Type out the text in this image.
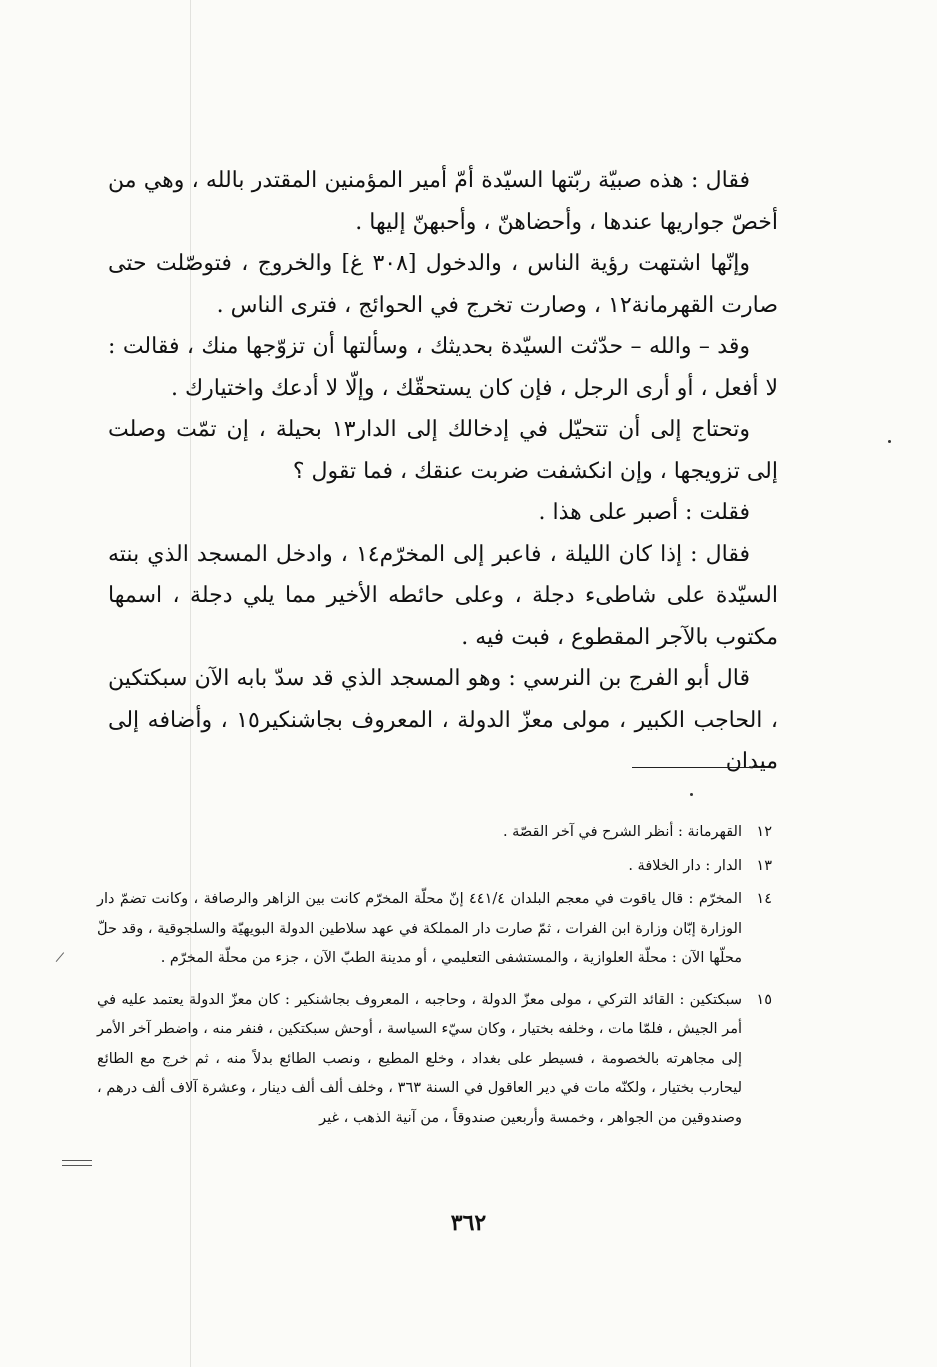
فقال : هذه صبيّة ربّتها السيّدة أمّ أمير المؤمنين المقتدر بالله ، وهي من أخصّ جواريها عندها ، وأحضاهنّ ، وأحبهنّ إليها .

وإنّها اشتهت رؤية الناس ، والدخول [٣٠٨ غ] والخروج ، فتوصّلت حتى صارت القهرمانة١٢ ، وصارت تخرج في الحوائج ، فترى الناس .

وقد – والله – حدّثت السيّدة بحديثك ، وسألتها أن تزوّجها منك ، فقالت : لا أفعل ، أو أرى الرجل ، فإن كان يستحقّك ، وإلّا لا أدعك واختيارك .

وتحتاج إلى أن تتحيّل في إدخالك إلى الدار١٣ بحيلة ، إن تمّت وصلت إلى تزويجها ، وإن انكشفت ضربت عنقك ، فما تقول ؟

فقلت : أصبر على هذا .

فقال : إذا كان الليلة ، فاعبر إلى المخرّم١٤ ، وادخل المسجد الذي بنته السيّدة على شاطىء دجلة ، وعلى حائطه الأخير مما يلي دجلة ، اسمها مكتوب بالآجر المقطوع ، فبت فيه .

قال أبو الفرج بن النرسي : وهو المسجد الذي قد سدّ بابه الآن سبكتكين ، الحاجب الكبير ، مولى معزّ الدولة ، المعروف بجاشنكير١٥ ، وأضافه إلى ميدان

١٢
القهرمانة : أنظر الشرح في آخر القصّة .
١٣
الدار : دار الخلافة .
١٤
المخرّم : قال ياقوت في معجم البلدان ٤٤١/٤ إنّ محلّة المخرّم كانت بين الزاهر والرصافة ، وكانت تضمّ دار الوزارة إبّان وزارة ابن الفرات ، ثمّ صارت دار المملكة في عهد سلاطين الدولة البويهيّة والسلجوقية ، وقد حلّ محلّها الآن : محلّة العلوازية ، والمستشفى التعليمي ، أو مدينة الطبّ الآن ، جزء من محلّة المخرّم .
١٥
سبكتكين : القائد التركي ، مولى معزّ الدولة ، وحاجبه ، المعروف بجاشنكير : كان معزّ الدولة يعتمد عليه في أمر الجيش ، فلمّا مات ، وخلفه بختيار ، وكان سيّء السياسة ، أوحش سبكتكين ، فنفر منه ، واضطر آخر الأمر إلى مجاهرته بالخصومة ، فسيطر على بغداد ، وخلع المطيع ، ونصب الطائع بدلاً منه ، ثم خرج مع الطائع ليحارب بختيار ، ولكنّه مات في دير العاقول في السنة ٣٦٣ ، وخلف ألف ألف دينار ، وعشرة آلاف ألف درهم ، وصندوقين من الجواهر ، وخمسة وأربعين صندوقاً ، من آنية الذهب ، غير
٣٦٢
